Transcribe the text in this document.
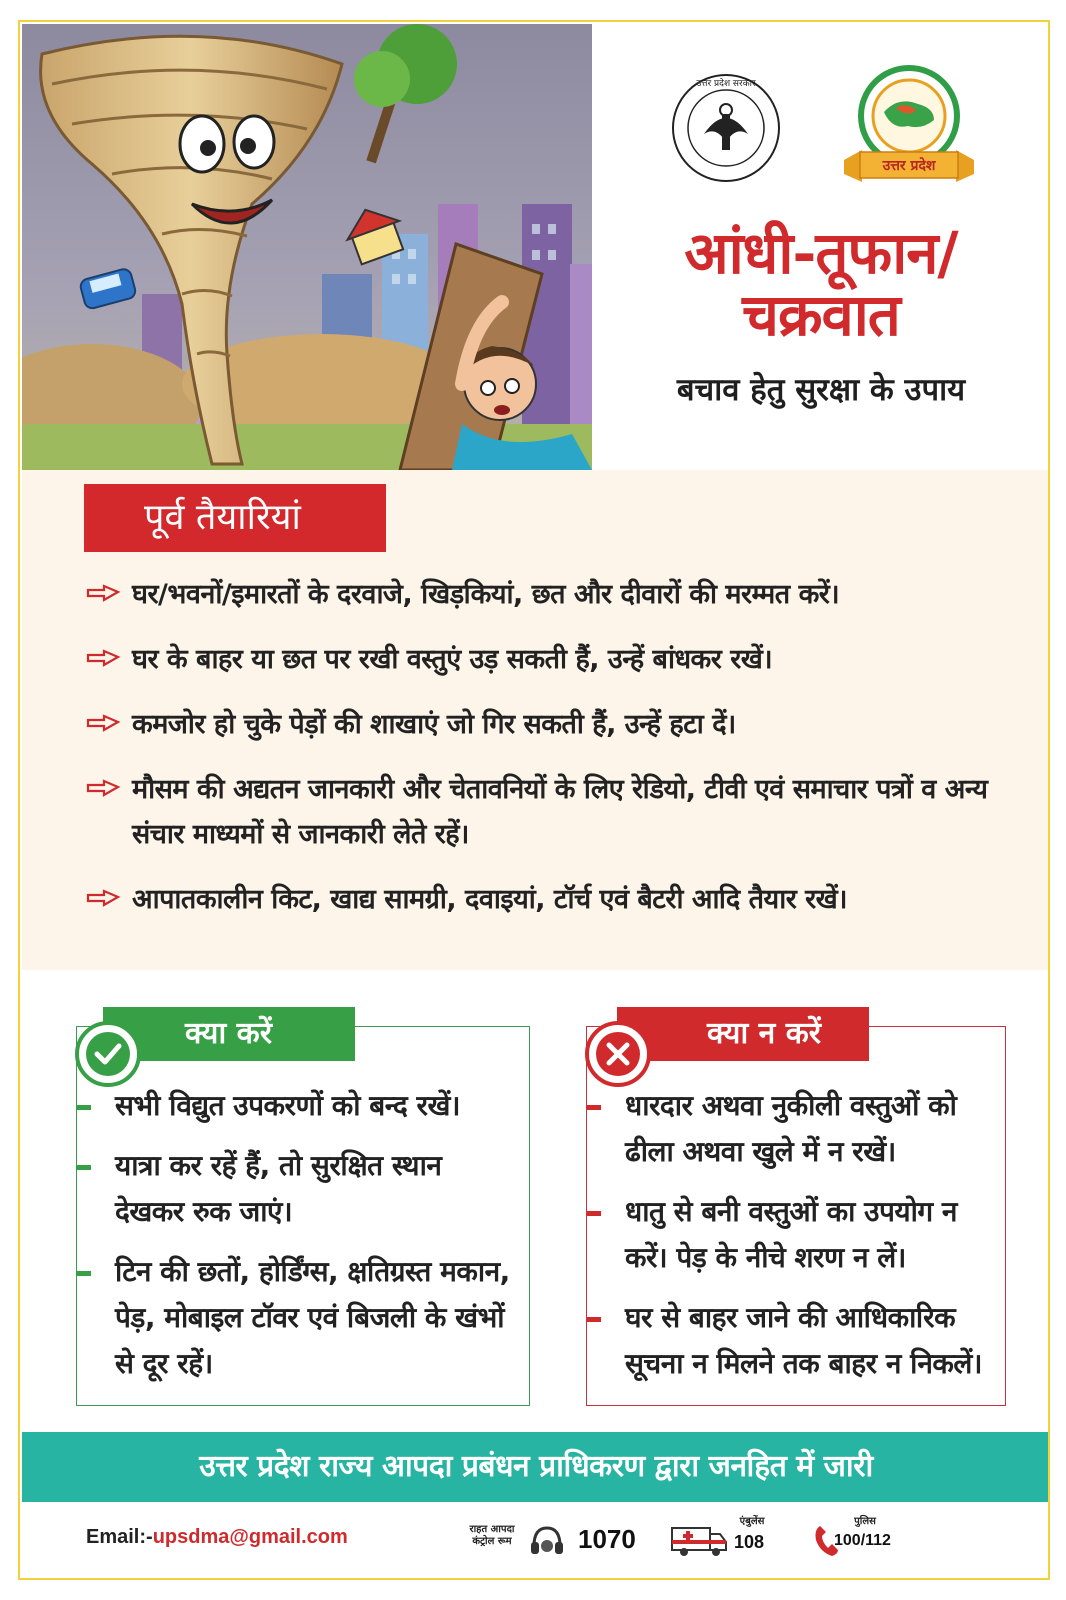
उत्तर प्रदेश सरकार
उत्तर प्रदेश
आंधी-तूफान/
चक्रवात
बचाव हेतु सुरक्षा के उपाय
पूर्व तैयारियां
घर/भवनों/इमारतों के दरवाजे, खिड़कियां, छत और दीवारों की मरम्मत करें।
घर के बाहर या छत पर रखी वस्तुएं उड़ सकती हैं, उन्हें बांधकर रखें।
कमजोर हो चुके पेड़ों की शाखाएं जो गिर सकती हैं, उन्हें हटा दें।
मौसम की अद्यतन जानकारी और चेतावनियों के लिए रेडियो, टीवी एवं समाचार पत्रों व अन्य संचार माध्यमों से जानकारी लेते रहें।
आपातकालीन किट, खाद्य सामग्री, दवाइयां, टॉर्च एवं बैटरी आदि तैयार रखें।
क्या करें
सभी विद्युत उपकरणों को बन्द रखें।
यात्रा कर रहें हैं, तो सुरक्षित स्थान देखकर रुक जाएं।
टिन की छतों, होर्डिंग्स, क्षतिग्रस्त मकान, पेड़, मोबाइल टॉवर एवं बिजली के खंभों से दूर रहें।
क्या न करें
धारदार अथवा नुकीली वस्तुओं को ढीला अथवा खुले में न रखें।
धातु से बनी वस्तुओं का उपयोग न करें। पेड़ के नीचे शरण न लें।
घर से बाहर जाने की आधिकारिक सूचना न मिलने तक बाहर न निकलें।
उत्तर प्रदेश राज्य आपदा प्रबंधन प्राधिकरण द्वारा जनहित में जारी
Email:-upsdma@gmail.com	राहत आपदा
कंट्रोल रूम	1070
एंबुलेंस
108
पुलिस
100/112
